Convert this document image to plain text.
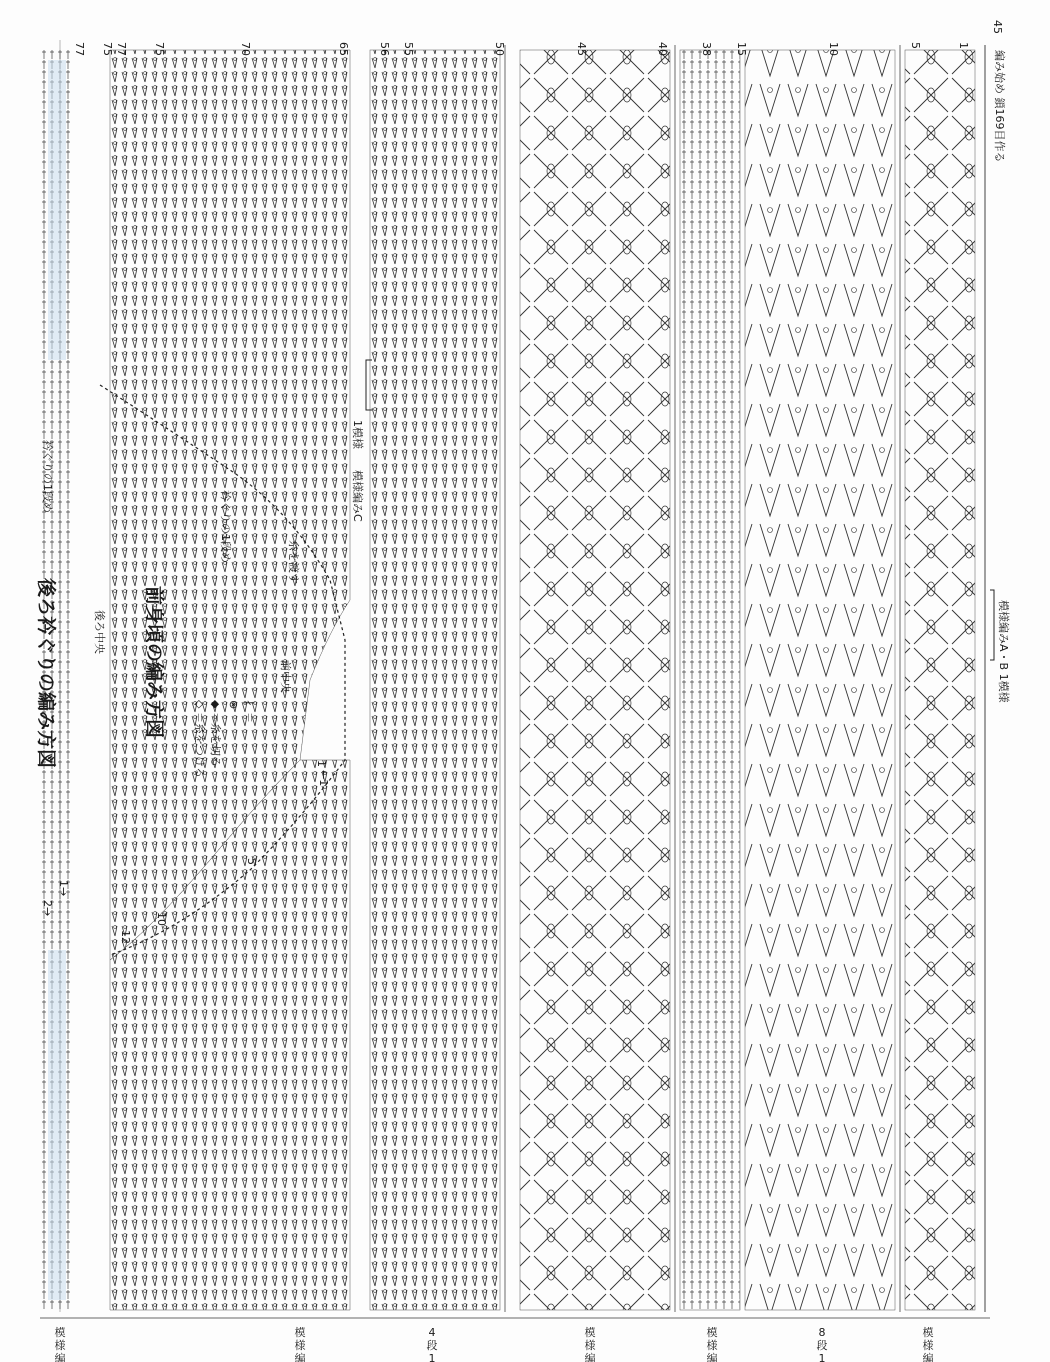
77 75 77 75	70	65	56 55	50	45	40	38 15	10	5	1
12
10
5
1
45
後ろ衿ぐりの編み方図	前身頃の編み方図
後ろ中央
前中央
糸を渡す
衿ぐりの1段め
衿ぐりの1段め	模様編みC
1模様
模様編みA・B 1模様
編み始め 鎖169目作る
1→
2→
←1
◇
＝糸をつける
◆
＝糸を切る
⊗ ∤
＝
模
様
編
模
様
編
4
段
1
模
様
編
模
様
編
8
段
1
模
様
編
